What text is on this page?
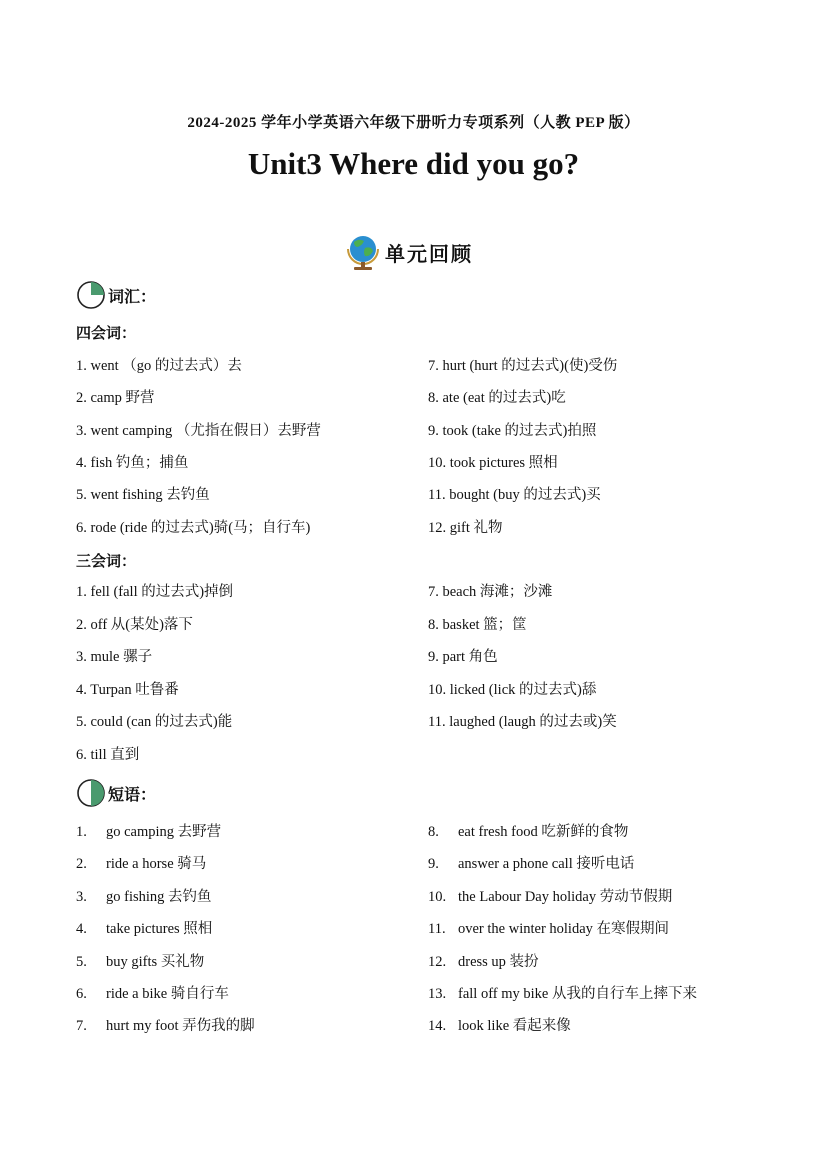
2024-2025 学年小学英语六年级下册听力专项系列（人教 PEP 版）
Unit3 Where did you go?
单元回顾
词汇：
四会词：
1. went （go 的过去式）去
2. camp 野营
3. went camping （尤指在假日）去野营
4. fish 钓鱼；捕鱼
5. went fishing 去钓鱼
6. rode (ride 的过去式)骑(马；自行车)
7. hurt (hurt 的过去式)(使)受伤
8. ate (eat 的过去式)吃
9. took (take 的过去式)拍照
10. took pictures 照相
11. bought (buy 的过去式)买
12. gift 礼物
三会词：
1. fell (fall 的过去式)掉倒
2. off 从(某处)落下
3. mule 骡子
4. Turpan 吐鲁番
5. could (can 的过去式)能
6. till 直到
7. beach 海滩；沙滩
8. basket 篮；筐
9. part 角色
10. licked (lick 的过去式)舔
11. laughed (laugh 的过去或)笑
短语：
1. go camping 去野营
2. ride a horse 骑马
3. go fishing 去钓鱼
4. take pictures 照相
5. buy gifts 买礼物
6. ride a bike 骑自行车
7. hurt my foot 弄伤我的脚
8. eat fresh food 吃新鲜的食物
9. answer a phone call 接听电话
10. the Labour Day holiday 劳动节假期
11. over the winter holiday 在寒假期间
12. dress up 装扮
13. fall off my bike 从我的自行车上摔下来
14. look like 看起来像
